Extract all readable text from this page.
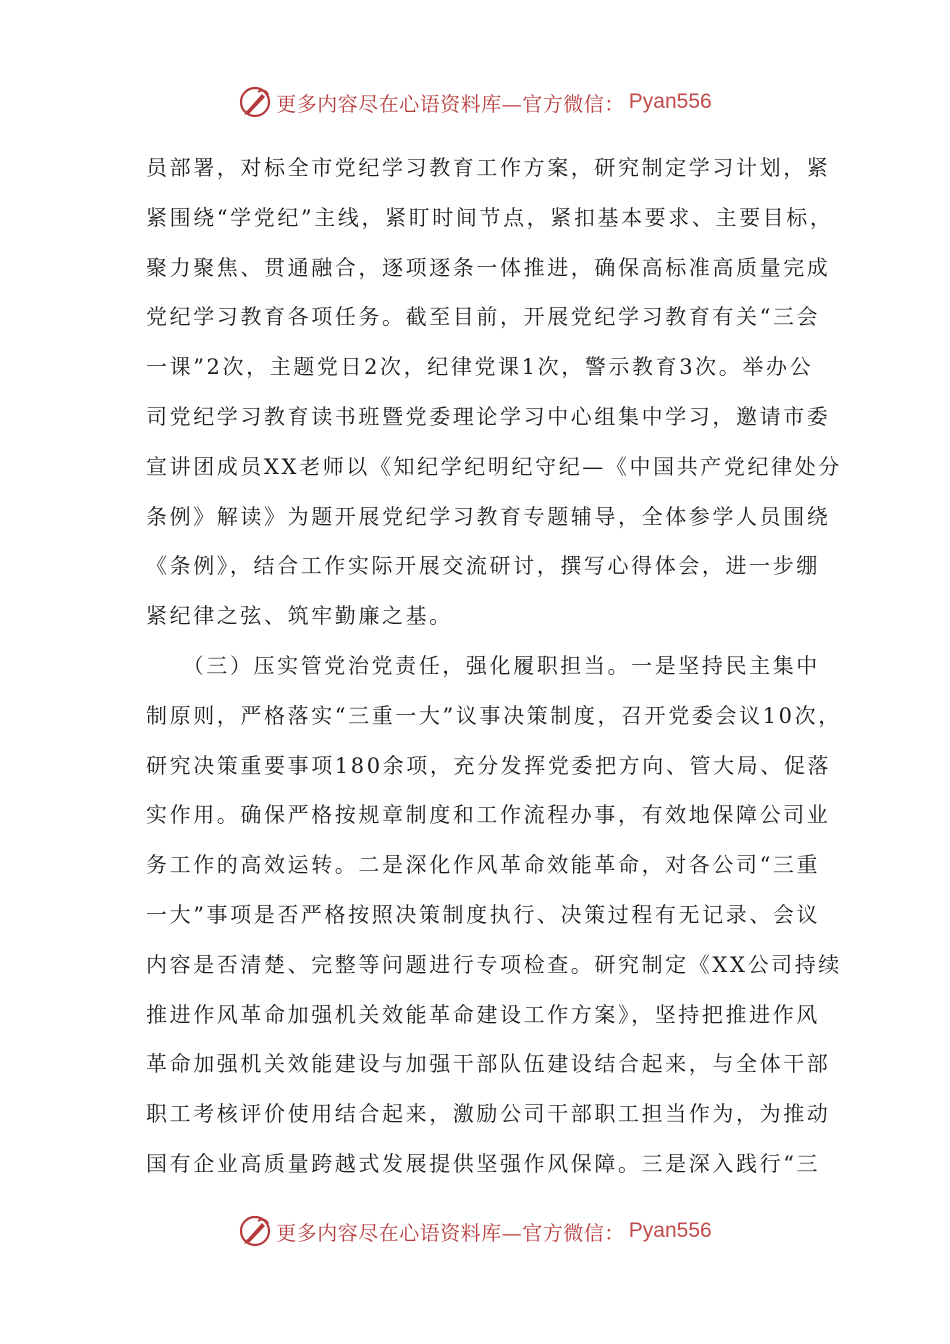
更多内容尽在心语资料库—官方微信： Pyan556
员部署，对标全市党纪学习教育工作方案，研究制定学习计划，紧
紧围绕“学党纪”主线，紧盯时间节点，紧扣基本要求、主要目标，
聚力聚焦、贯通融合，逐项逐条一体推进，确保高标准高质量完成
党纪学习教育各项任务。截至目前，开展党纪学习教育有关“三会
一课”2次，主题党日2次，纪律党课1次，警示教育3次。举办公
司党纪学习教育读书班暨党委理论学习中心组集中学习，邀请市委
宣讲团成员XX老师以《知纪学纪明纪守纪—《中国共产党纪律处分
条例》解读》为题开展党纪学习教育专题辅导，全体参学人员围绕
《条例》，结合工作实际开展交流研讨，撰写心得体会，进一步绷
紧纪律之弦、筑牢勤廉之基。
　　（三）压实管党治党责任，强化履职担当。一是坚持民主集中
制原则，严格落实“三重一大”议事决策制度，召开党委会议10次，
研究决策重要事项180余项，充分发挥党委把方向、管大局、促落
实作用。确保严格按规章制度和工作流程办事，有效地保障公司业
务工作的高效运转。二是深化作风革命效能革命，对各公司“三重
一大”事项是否严格按照决策制度执行、决策过程有无记录、会议
内容是否清楚、完整等问题进行专项检查。研究制定《XX公司持续
推进作风革命加强机关效能革命建设工作方案》，坚持把推进作风
革命加强机关效能建设与加强干部队伍建设结合起来，与全体干部
职工考核评价使用结合起来，激励公司干部职工担当作为，为推动
国有企业高质量跨越式发展提供坚强作风保障。三是深入践行“三
更多内容尽在心语资料库—官方微信： Pyan556
